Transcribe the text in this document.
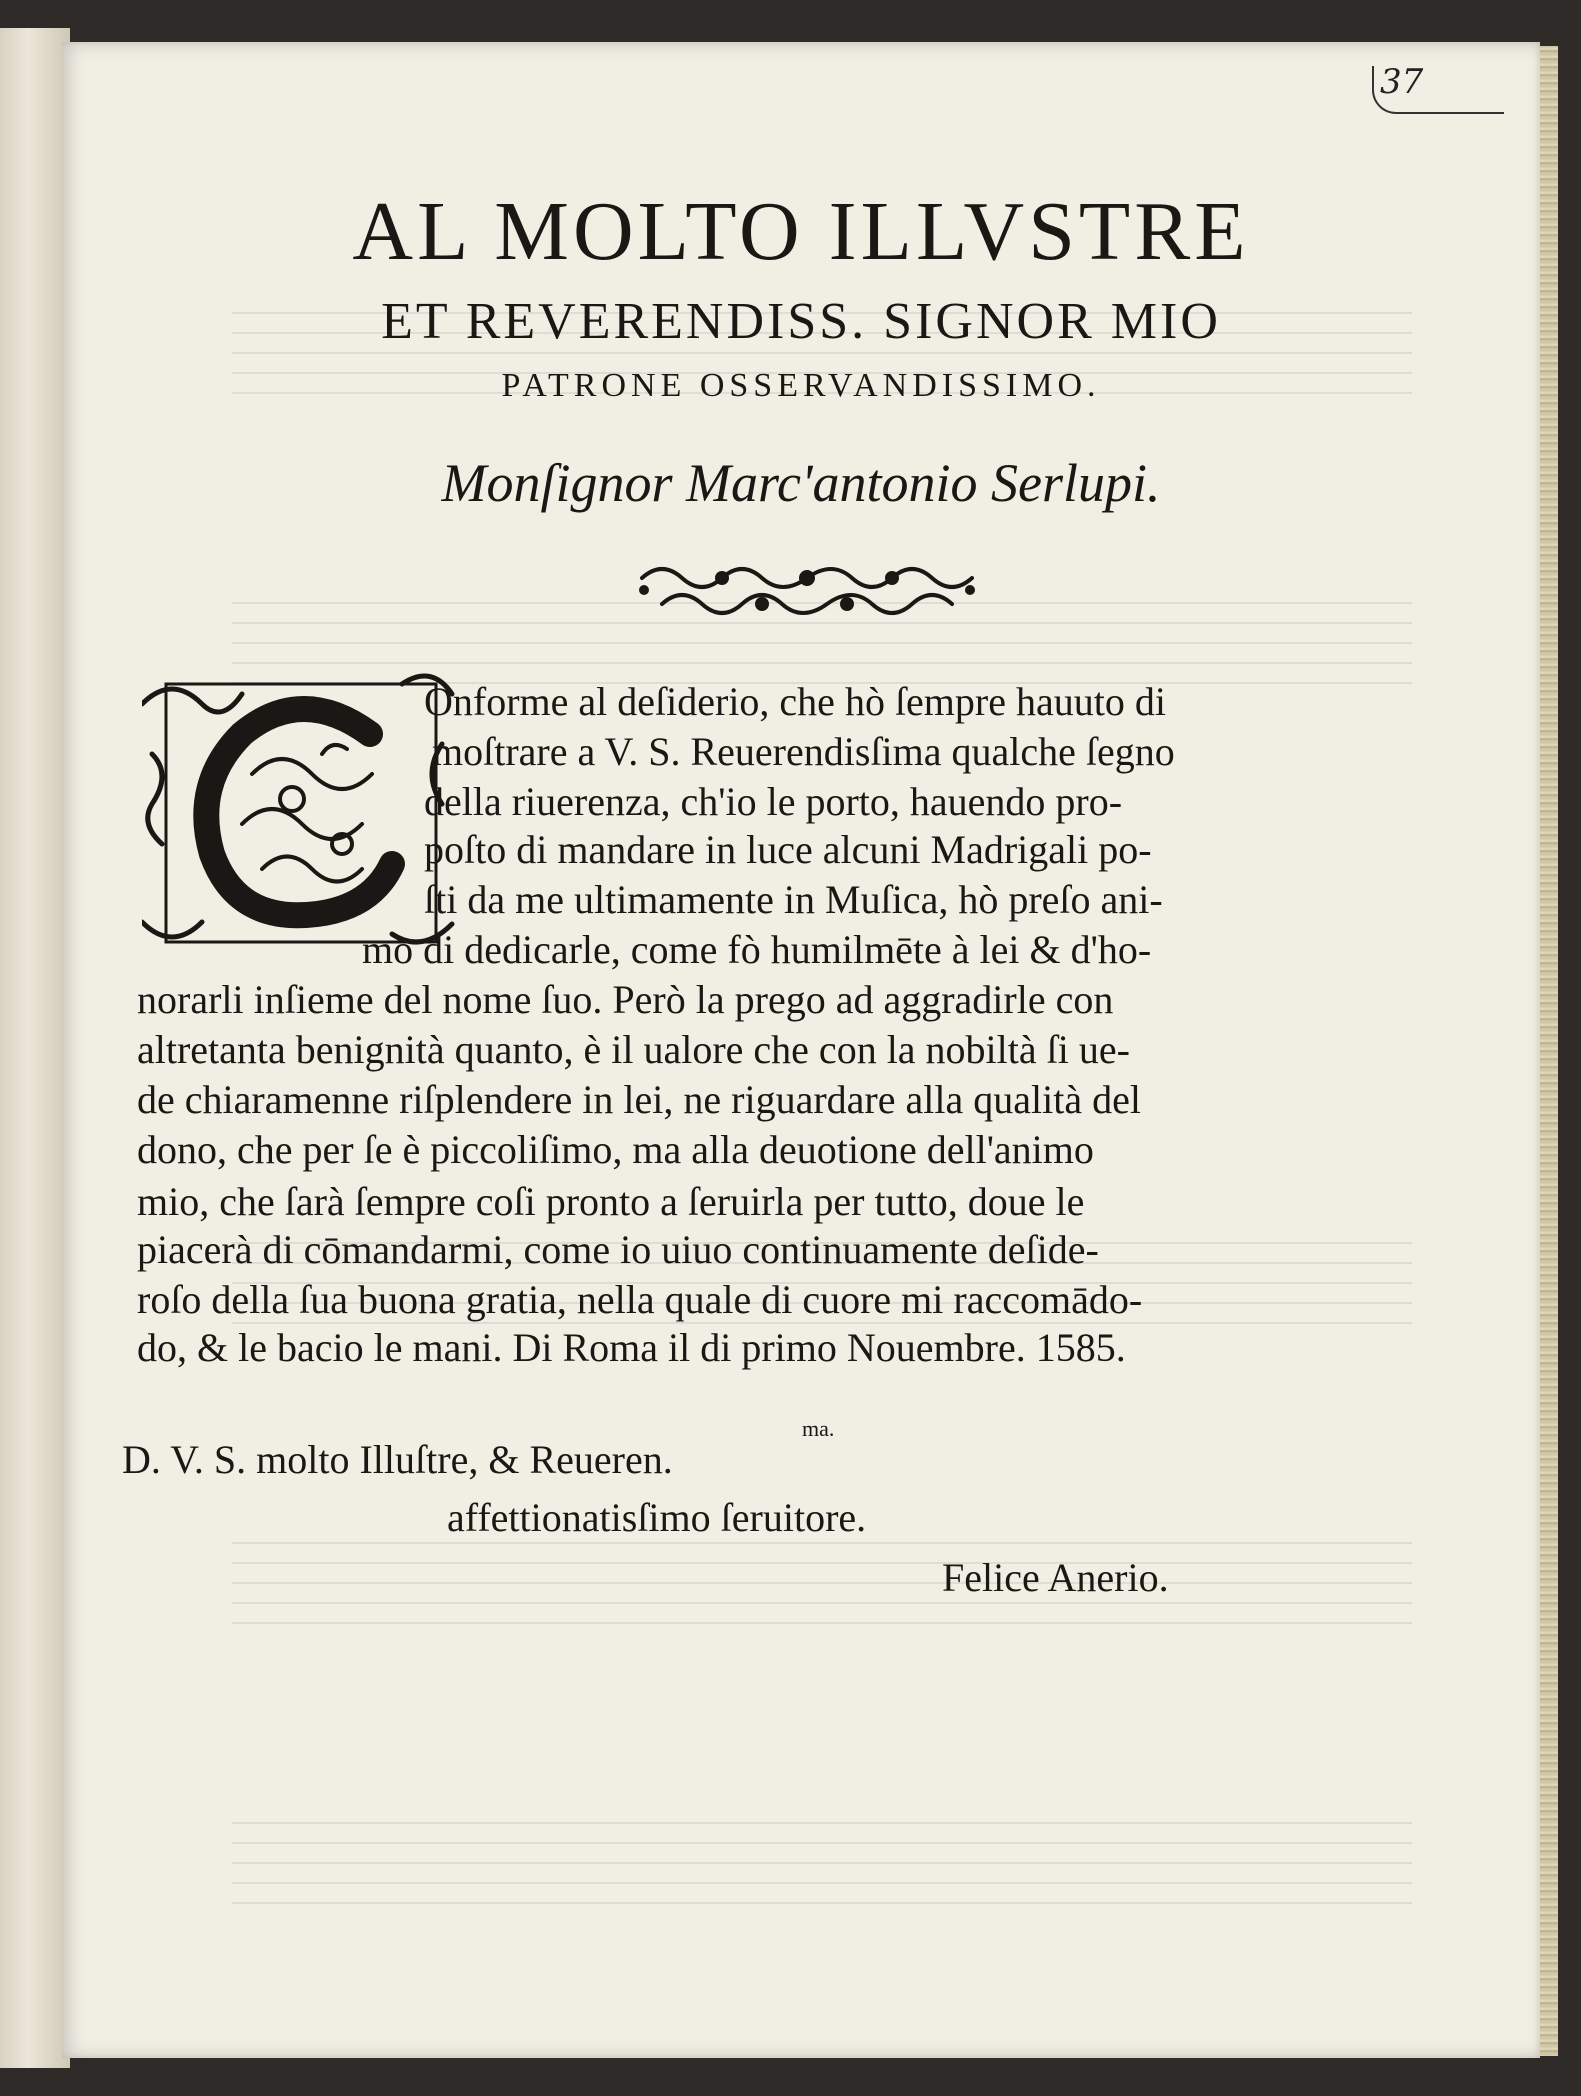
37
AL MOLTO ILLVSTRE
ET REVERENDISS. SIGNOR MIO
PATRONE OSSERVANDISSIMO.
Monſignor Marc'antonio Serlupi.
Onforme al deſiderio, che hò ſempre hauuto di
moſtrare a V. S. Reuerendisſima qualche ſegno
della riuerenza, ch'io le porto, hauendo pro-
poſto di mandare in luce alcuni Madrigali po-
ſti da me ultimamente in Muſica, hò preſo ani-
mo di dedicarle, come fò humilmēte à lei & d'ho-
norarli inſieme del nome ſuo. Però la prego ad aggradirle con
altretanta benignità quanto, è il ualore che con la nobiltà ſi ue-
de chiaramenne riſplendere in lei, ne riguardare alla qualità del
dono, che per ſe è piccoliſimo, ma alla deuotione dell'animo
mio, che ſarà ſempre coſi pronto a ſeruirla per tutto, doue le
piacerà di cōmandarmi, come io uiuo continuamente deſide-
roſo della ſua buona gratia, nella quale di cuore mi raccomādo-
do, & le bacio le mani. Di Roma il di primo Nouembre. 1585.
ma.
D. V. S. molto Illuſtre, & Reueren.
affettionatisſimo ſeruitore.
Felice Anerio.
